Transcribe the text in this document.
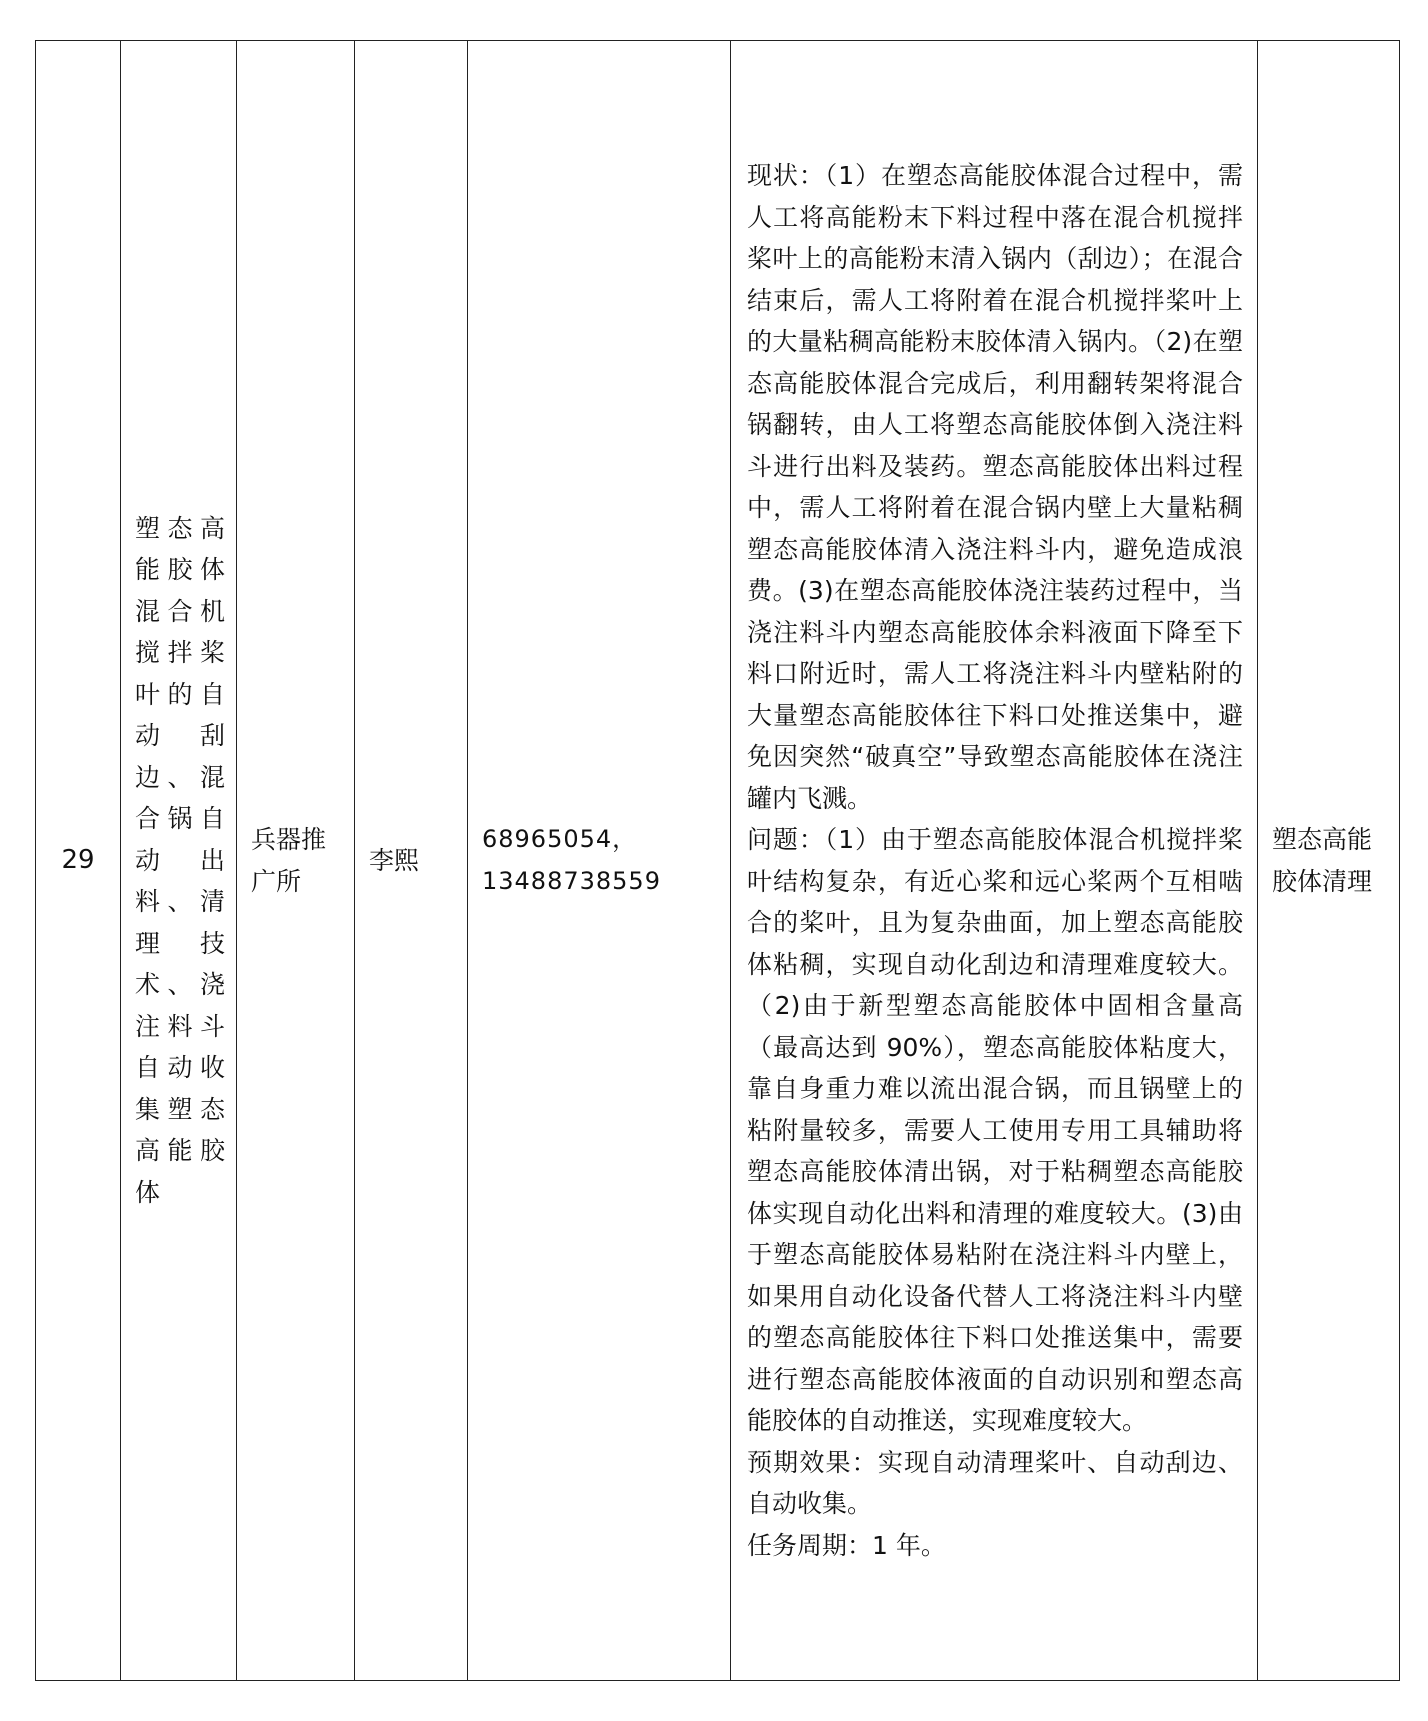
29

塑态高能胶体混合机搅拌桨叶的自动刮边、混合锅自动出料、清理技术、浇注料斗自动收集塑态高能胶体

兵器推广所

李熙

68965054，
13488738559

现状：（1）在塑态高能胶体混合过程中，需人工将高能粉末下料过程中落在混合机搅拌桨叶上的高能粉末清入锅内（刮边）；在混合结束后，需人工将附着在混合机搅拌桨叶上的大量粘稠高能粉末胶体清入锅内。（2)在塑态高能胶体混合完成后，利用翻转架将混合锅翻转，由人工将塑态高能胶体倒入浇注料斗进行出料及装药。塑态高能胶体出料过程中，需人工将附着在混合锅内壁上大量粘稠塑态高能胶体清入浇注料斗内，避免造成浪费。(3)在塑态高能胶体浇注装药过程中，当浇注料斗内塑态高能胶体余料液面下降至下料口附近时，需人工将浇注料斗内壁粘附的大量塑态高能胶体往下料口处推送集中，避免因突然“破真空”导致塑态高能胶体在浇注罐内飞溅。
问题：（1）由于塑态高能胶体混合机搅拌桨叶结构复杂，有近心桨和远心桨两个互相啮合的桨叶，且为复杂曲面，加上塑态高能胶体粘稠，实现自动化刮边和清理难度较大。（2)由于新型塑态高能胶体中固相含量高（最高达到 90%），塑态高能胶体粘度大，靠自身重力难以流出混合锅，而且锅壁上的粘附量较多，需要人工使用专用工具辅助将塑态高能胶体清出锅，对于粘稠塑态高能胶体实现自动化出料和清理的难度较大。(3)由于塑态高能胶体易粘附在浇注料斗内壁上，如果用自动化设备代替人工将浇注料斗内壁的塑态高能胶体往下料口处推送集中，需要进行塑态高能胶体液面的自动识别和塑态高能胶体的自动推送，实现难度较大。
预期效果：实现自动清理桨叶、自动刮边、自动收集。
任务周期：1 年。

塑态高能胶体清理
